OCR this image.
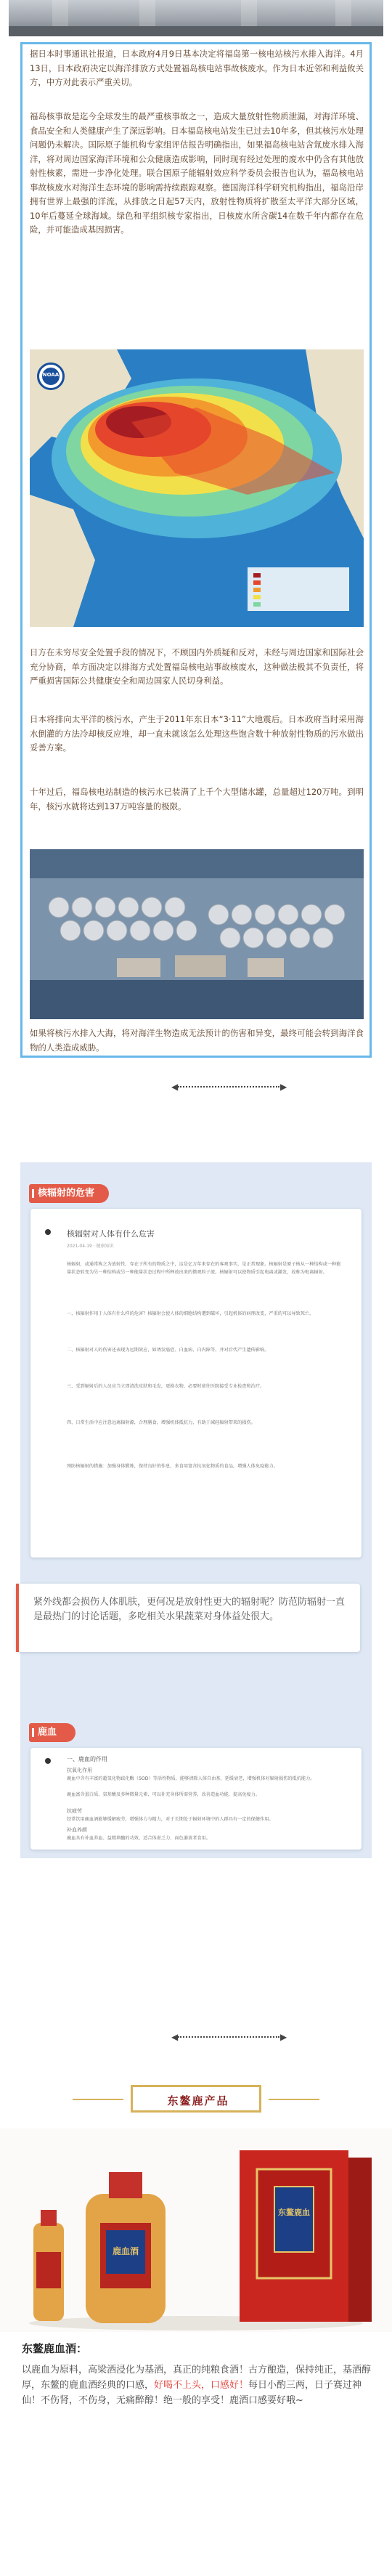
据日本时事通讯社报道，日本政府4月9日基本决定将福岛第一核电站核污水排入海洋。4月13日，日本政府决定以海洋排放方式处置福岛核电站事故核废水。作为日本近邻和利益攸关方，中方对此表示严重关切。

福岛核事故是迄今全球发生的最严重核事故之一，造成大量放射性物质泄漏，对海洋环境、食品安全和人类健康产生了深远影响。日本福岛核电站发生已过去10年多，但其核污水处理问题仍未解决。国际原子能机构专家组评估报告明确指出，如果福岛核电站含氚废水排入海洋，将对周边国家海洋环境和公众健康造成影响，同时现有经过处理的废水中仍含有其他放射性核素，需进一步净化处理。联合国原子能辐射效应科学委员会报告也认为，福岛核电站事故核废水对海洋生态环境的影响需持续跟踪观察。德国海洋科学研究机构指出，福岛沿岸拥有世界上最强的洋流，从排放之日起57天内，放射性物质将扩散至太平洋大部分区域，10年后蔓延全球海域。绿色和平组织核专家指出，日核废水所含碳14在数千年内都存在危险，并可能造成基因损害。

NOAA

日方在未穷尽安全处置手段的情况下，不顾国内外质疑和反对，未经与周边国家和国际社会充分协商，单方面决定以排海方式处置福岛核电站事故核废水，这种做法极其不负责任，将严重损害国际公共健康安全和周边国家人民切身利益。

日本将排向太平洋的核污水，产生于2011年东日本“3·11”大地震后。日本政府当时采用海水倒灌的方法冷却核反应堆，却一直未就该怎么处理这些饱含数十种放射性物质的污水做出妥善方案。

十年过后，福岛核电站制造的核污水已装满了上千个大型储水罐，总量超过120万吨。到明年，核污水就将达到137万吨容量的极限。

如果将核污水排入大海，将对海洋生物造成无法预计的伤害和异变，最终可能会转到海洋食物的人类造成威胁。

◀	▶
核辐射的危害
核辐射对人体有什么危害
2021-04-19 · 健康知识

核辐射，或通常称之为放射性，存在于所有的物质之中，这是亿万年来存在的客观事实，是正常现象。核辐射是原子核从一种结构或一种能量状态转变为另一种结构或另一种能量状态过程中所释放出来的微观粒子流。核辐射可以使物质引起电离或激发，故称为电离辐射。

一、核辐射作用于人体有什么样的危害？核辐射会使人体的细胞结构遭到破坏，引起机体的病理改变，严重的可以导致死亡。

二、核辐射对人的伤害还表现为远期效应，如诱发癌症、白血病、白内障等，并对后代产生遗传影响。

三、受到辐射后的人员应当立即清洗皮肤和毛发，更换衣物，必要时前往医院接受专业检查和治疗。

四、日常生活中应注意远离辐射源，合理膳食，增强机体抵抗力，有助于减轻辐射带来的损伤。

预防核辐射的措施：加强身体锻炼，保持良好的作息，多食用富含抗氧化物质的食品，增强人体免疫能力。

鹿血
一、鹿血的作用
抗氧化作用

鹿血中含有丰富的超氧化物歧化酶（SOD）等活性物质，能够清除人体自由基，延缓衰老，增强机体对辐射损伤的抵抗能力。

鹿血富含蛋白质、氨基酸及多种微量元素，可以补充身体所需营养，改善造血功能，提高免疫力。

抗疲劳

经常饮用鹿血酒能够缓解疲劳，增强体力与精力，对于长期处于辐射环境中的人群具有一定的保健作用。

补血养颜

鹿血具有补血养血、益精填髓的功效，适合体虚乏力、面色萎黄者食用。

紧外线都会损伤人体肌肤，更何况是放射性更大的辐射呢？防范防辐射一直是最热门的讨论话题，多吃相关水果蔬菜对身体益处很大。

◀	▶
东鳌鹿产品
鹿血酒
东鳌鹿血
东鳌鹿血酒：

以鹿血为原料，高梁酒浸化为基酒，真正的纯粮食酒！古方酿造，保持纯正，基酒醇厚，东鳌的鹿血酒经典的口感，好喝不上头，口感好！每日小酌三两，日子赛过神仙！不伤肾，不伤身，无痛醉醇！绝一般的享受！鹿酒口感要好哦~
